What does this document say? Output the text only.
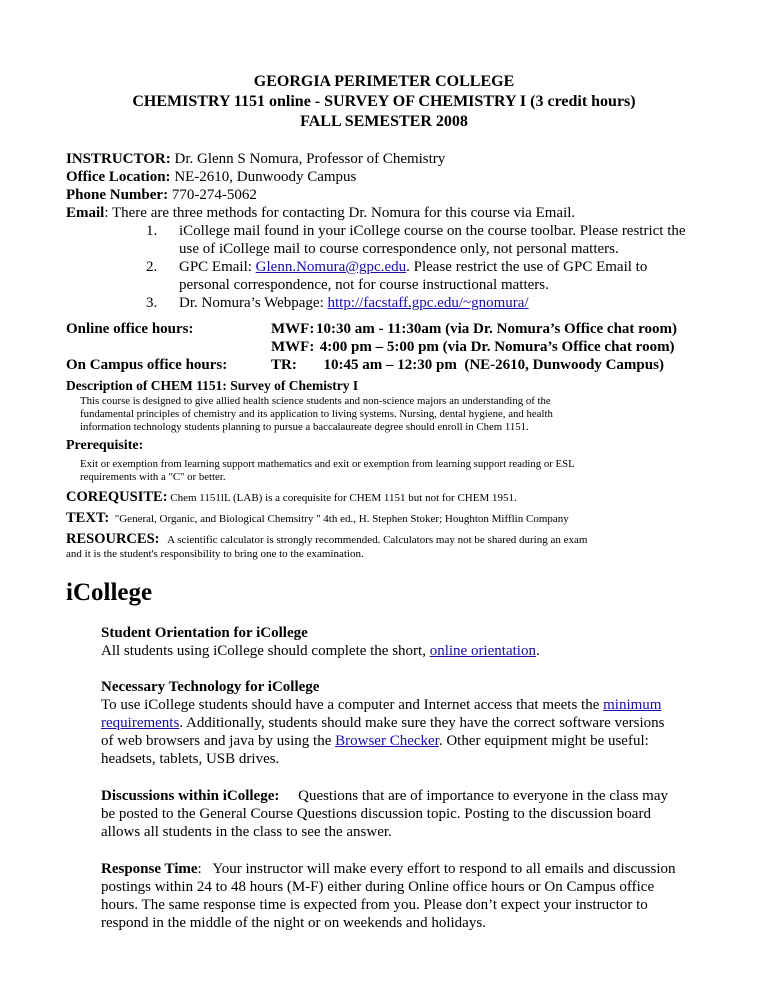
GEORGIA PERIMETER COLLEGE
CHEMISTRY 1151 online - SURVEY OF CHEMISTRY I (3 credit hours)
FALL SEMESTER 2008
INSTRUCTOR: Dr. Glenn S Nomura, Professor of Chemistry
Office Location: NE-2610, Dunwoody Campus
Phone Number: 770-274-5062
Email: There are three methods for contacting Dr. Nomura for this course via Email.
1. iCollege mail found in your iCollege course on the course toolbar. Please restrict the
use of iCollege mail to course correspondence only, not personal matters.
2. GPC Email: Glenn.Nomura@gpc.edu. Please restrict the use of GPC Email to
personal correspondence, not for course instructional matters.
3. Dr. Nomura’s Webpage: http://facstaff.gpc.edu/~gnomura/
Online office hours:	MWF: 10:30 am - 11:30am (via Dr. Nomura’s Office chat room)
MWF: 4:00 pm – 5:00 pm (via Dr. Nomura’s Office chat room)
On Campus office hours:	TR: 10:45 am – 12:30 pm  (NE-2610, Dunwoody Campus)
Description of CHEM 1151: Survey of Chemistry I
This course is designed to give allied health science students and non-science majors an understanding of the
fundamental principles of chemistry and its application to living systems. Nursing, dental hygiene, and health
information technology students planning to pursue a baccalaureate degree should enroll in Chem 1151.
Prerequisite:
Exit or exemption from learning support mathematics and exit or exemption from learning support reading or ESL
requirements with a "C" or better.
COREQUSITE: Chem 1151lL (LAB) is a corequisite for CHEM 1151 but not for CHEM 1951.
TEXT:  "General, Organic, and Biological Chemsitry " 4th ed., H. Stephen Stoker; Houghton Mifflin Company
RESOURCES:   A scientific calculator is strongly recommended. Calculators may not be shared during an exam
and it is the student's responsibility to bring one to the examination.
iCollege
Student Orientation for iCollege
All students using iCollege should complete the short, online orientation.
Necessary Technology for iCollege
To use iCollege students should have a computer and Internet access that meets the minimum
requirements. Additionally, students should make sure they have the correct software versions
of web browsers and java by using the Browser Checker. Other equipment might be useful:
headsets, tablets, USB drives.
Discussions within iCollege:     Questions that are of importance to everyone in the class may
be posted to the General Course Questions discussion topic. Posting to the discussion board
allows all students in the class to see the answer.
Response Time:   Your instructor will make every effort to respond to all emails and discussion
postings within 24 to 48 hours (M-F) either during Online office hours or On Campus office
hours. The same response time is expected from you. Please don’t expect your instructor to
respond in the middle of the night or on weekends and holidays.
